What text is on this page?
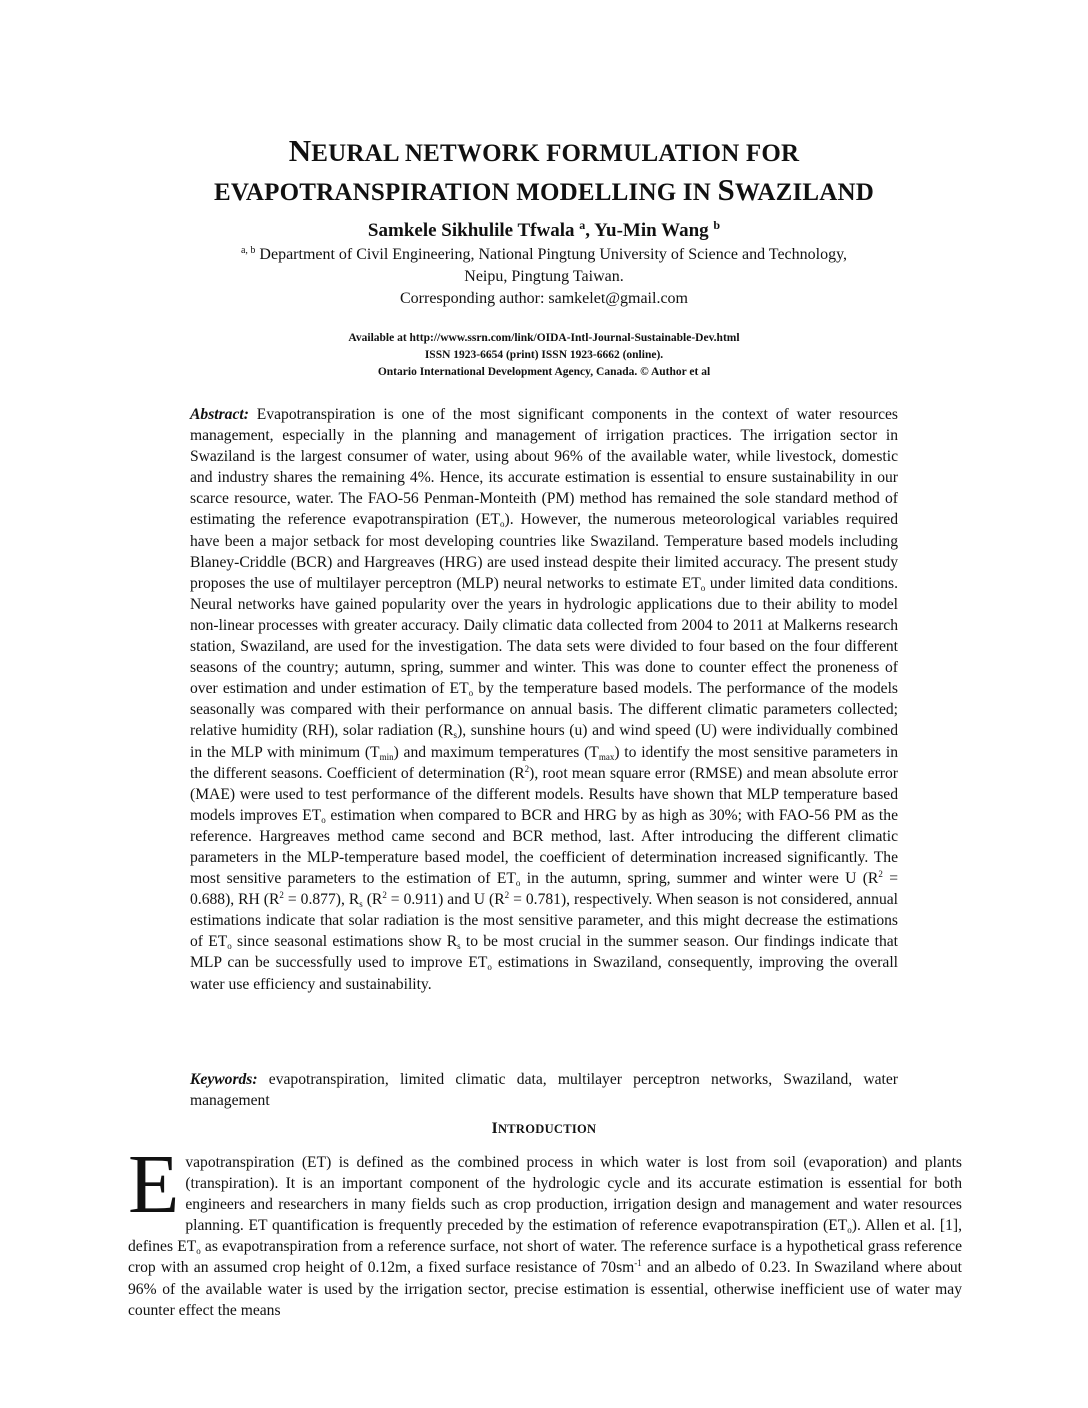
NEURAL NETWORK FORMULATION FOR
EVAPOTRANSPIRATION MODELLING IN SWAZILAND
Samkele Sikhulile Tfwala $^a$, Yu-Min Wang $^b$
$^{a, b}$ Department of Civil Engineering, National Pingtung University of Science and Technology,
Neipu, Pingtung Taiwan.
Corresponding author: samkelet@gmail.com
Available at http://www.ssrn.com/link/OIDA-Intl-Journal-Sustainable-Dev.html
ISSN 1923-6654 (print) ISSN 1923-6662 (online).
Ontario International Development Agency, Canada. © Author et al
Abstract: Evapotranspiration is one of the most significant components in the context of water resources management, especially in the planning and management of irrigation practices. The irrigation sector in Swaziland is the largest consumer of water, using about 96% of the available water, while livestock, domestic and industry shares the remaining 4%. Hence, its accurate estimation is essential to ensure sustainability in our scarce resource, water. The FAO-56 Penman-Monteith (PM) method has remained the sole standard method of estimating the reference evapotranspiration $(ET_o)$. However, the numerous meteorological variables required have been a major setback for most developing countries like Swaziland. Temperature based models including Blaney-Criddle (BCR) and Hargreaves (HRG) are used instead despite their limited accuracy. The present study proposes the use of multilayer perceptron (MLP) neural networks to estimate $ET_o$ under limited data conditions. Neural networks have gained popularity over the years in hydrologic applications due to their ability to model non-linear processes with greater accuracy. Daily climatic data collected from 2004 to 2011 at Malkerns research station, Swaziland, are used for the investigation. The data sets were divided to four based on the four different seasons of the country; autumn, spring, summer and winter. This was done to counter effect the proneness of over estimation and under estimation of $ET_o$ by the temperature based models. The performance of the models seasonally was compared with their performance on annual basis. The different climatic parameters collected; relative humidity (RH), solar radiation $(R_s)$, sunshine hours (u) and wind speed (U) were individually combined in the MLP with minimum $(T_{min})$ and maximum temperatures $(T_{max})$ to identify the most sensitive parameters in the different seasons. Coefficient of determination $(R^2)$, root mean square error (RMSE) and mean absolute error (MAE) were used to test performance of the different models. Results have shown that MLP temperature based models improves $ET_o$ estimation when compared to BCR and HRG by as high as 30%; with FAO-56 PM as the reference. Hargreaves method came second and BCR method, last. After introducing the different climatic parameters in the MLP-temperature based model, the coefficient of determination increased significantly. The most sensitive parameters to the estimation of $ET_o$ in the autumn, spring, summer and winter were U $(R^2 = 0.688)$, RH $(R^2 = 0.877)$, $R_s$ $(R^2 = 0.911)$ and U $(R^2 = 0.781)$, respectively. When season is not considered, annual estimations indicate that solar radiation is the most sensitive parameter, and this might decrease the estimations of $ET_o$ since seasonal estimations show $R_s$ to be most crucial in the summer season. Our findings indicate that MLP can be successfully used to improve $ET_o$ estimations in Swaziland, consequently, improving the overall water use efficiency and sustainability.
Keywords: evapotranspiration, limited climatic data, multilayer perceptron networks, Swaziland, water management
INTRODUCTION
Evapotranspiration (ET) is defined as the combined process in which water is lost from soil (evaporation) and plants (transpiration). It is an important component of the hydrologic cycle and its accurate estimation is essential for both engineers and researchers in many fields such as crop production, irrigation design and management and water resources planning. ET quantification is frequently preceded by the estimation of reference evapotranspiration $(ET_o)$. Allen et al. [1], defines $ET_o$ as evapotranspiration from a reference surface, not short of water. The reference surface is a hypothetical grass reference crop with an assumed crop height of 0.12m, a fixed surface resistance of $70sm^{-1}$ and an albedo of 0.23. In Swaziland where about 96% of the available water is used by the irrigation sector, precise estimation is essential, otherwise inefficient use of water may counter effect the means
